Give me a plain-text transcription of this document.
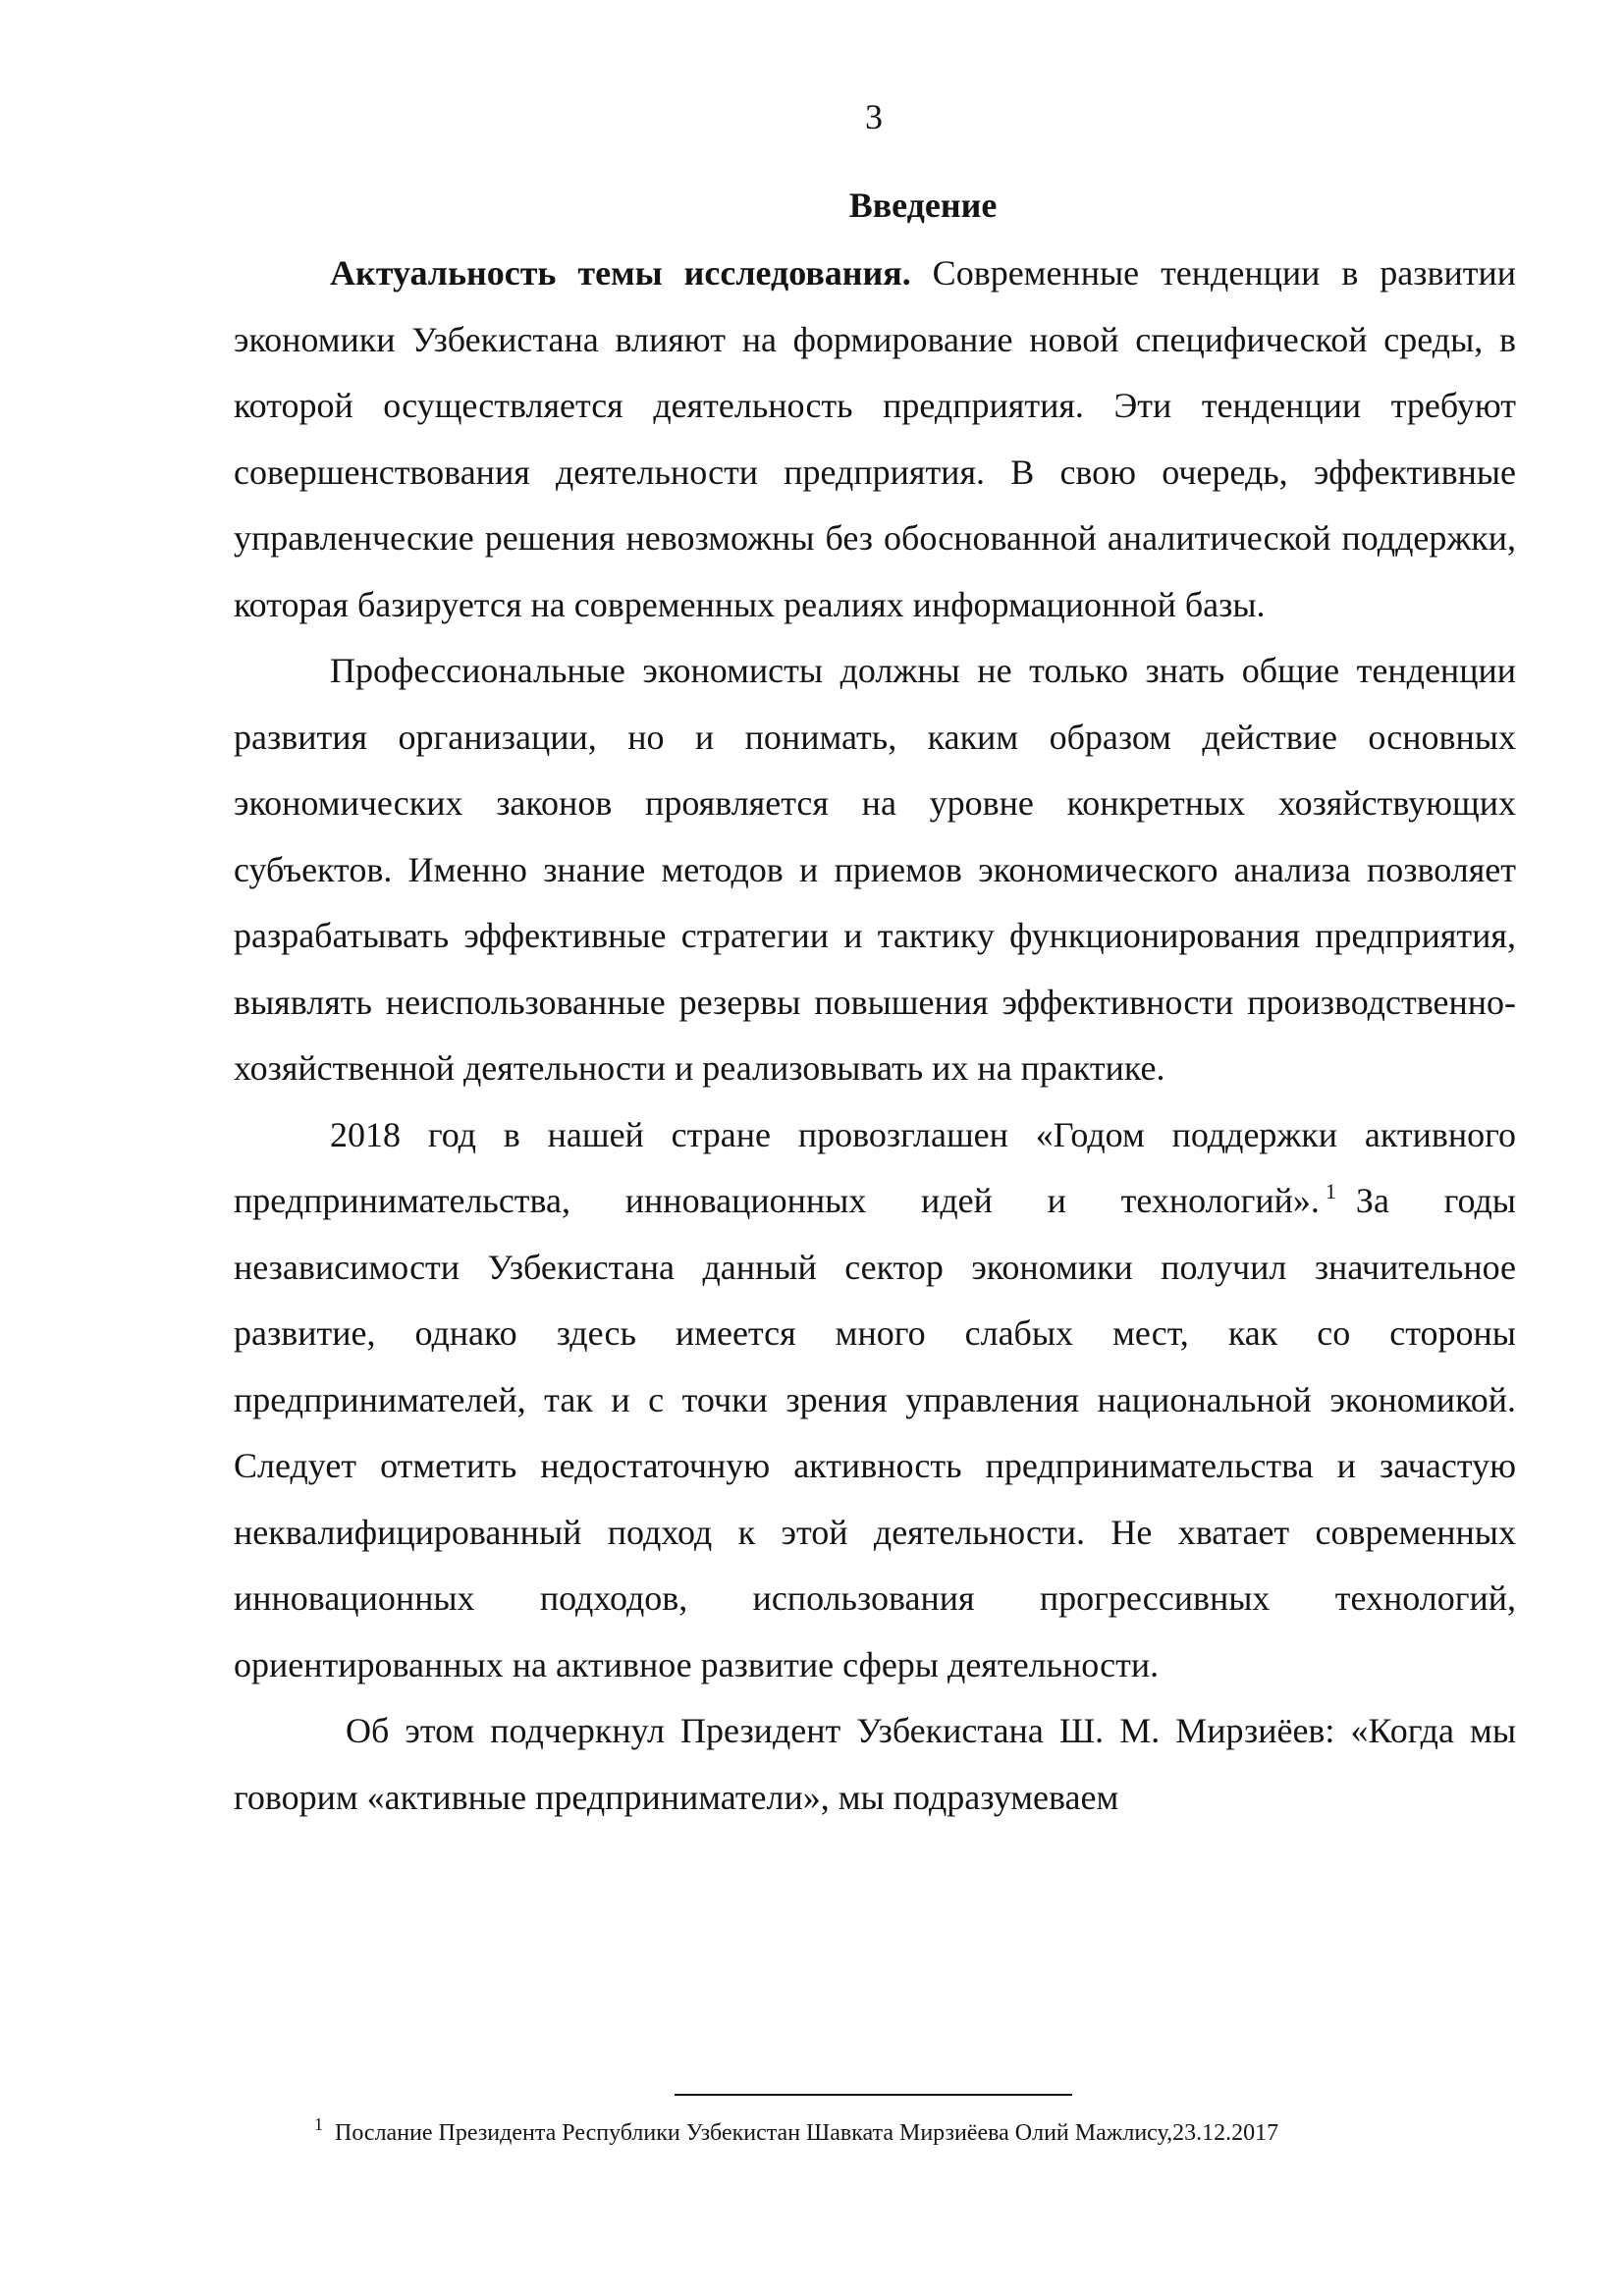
3
Введение

Актуальность темы исследования. Современные тенденции в развитии экономики Узбекистана влияют на формирование новой специфической среды, в которой осуществляется деятельность предприятия. Эти тенденции требуют совершенствования деятельности предприятия. В свою очередь, эффективные управленческие решения невозможны без обоснованной аналитической поддержки, которая базируется на современных реалиях информационной базы.

Профессиональные экономисты должны не только знать общие тенденции развития организации, но и понимать, каким образом действие основных экономических законов проявляется на уровне конкретных хозяйствующих субъектов. Именно знание методов и приемов экономического анализа позволяет разрабатывать эффективные стратегии и тактику функционирования предприятия, выявлять неиспользованные резервы повышения эффективности производственно-хозяйственной деятельности и реализовывать их на практике.

2018 год в нашей стране провозглашен «Годом поддержки активного предпринимательства, инновационных идей и технологий». $^1$ За годы независимости Узбекистана данный сектор экономики получил значительное развитие, однако здесь имеется много слабых мест, как со стороны предпринимателей, так и с точки зрения управления национальной экономикой. Следует отметить недостаточную активность предпринимательства и зачастую неквалифицированный подход к этой деятельности. Не хватает современных инновационных подходов, использования прогрессивных технологий, ориентированных на активное развитие сферы деятельности.

Об этом подчеркнул Президент Узбекистана Ш. М. Мирзиёев: «Когда мы говорим «активные предприниматели», мы подразумеваем

$^1$ Послание Президента Республики Узбекистан Шавката Мирзиёева Олий Мажлису,23.12.2017
